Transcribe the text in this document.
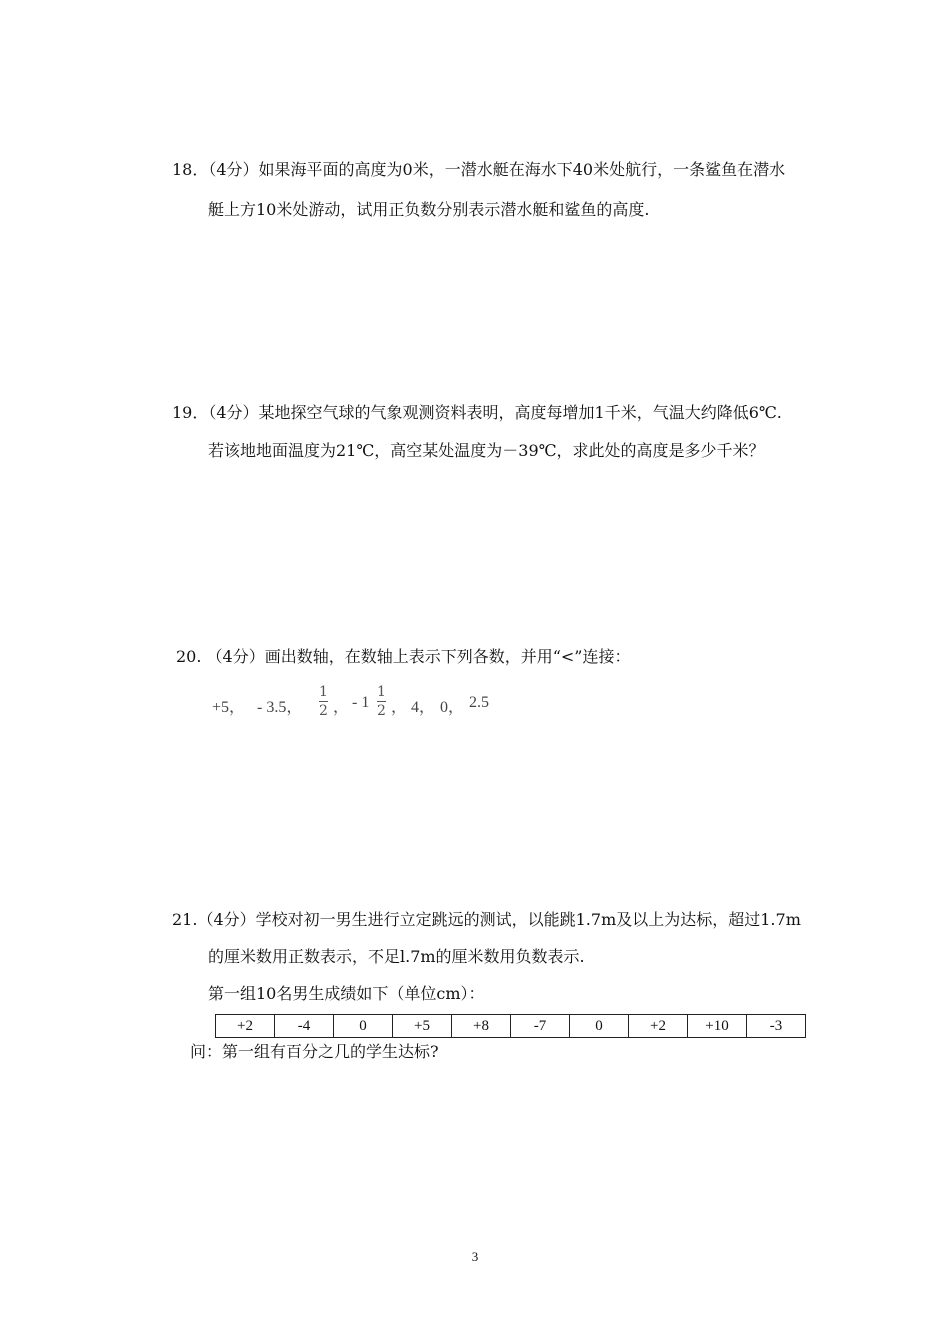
18．（4分）如果海平面的高度为0米，一潜水艇在海水下40米处航行，一条鲨鱼在潜水
艇上方10米处游动，试用正负数分别表示潜水艇和鲨鱼的高度.
19．（4分）某地探空气球的气象观测资料表明，高度每增加1千米，气温大约降低6℃.
若该地地面温度为21℃，高空某处温度为－39℃，求此处的高度是多少千米？
20. （4分）画出数轴，在数轴上表示下列各数，并用“<”连接：
+5， - 3.5，
1
2 ， - 1
1
2 ， 4， 0， 2.5
21.（4分）学校对初一男生进行立定跳远的测试，以能跳1.7m及以上为达标，超过1.7m
的厘米数用正数表示，不足l.7m的厘米数用负数表示.
第一组10名男生成绩如下（单位cm）：
+2	-4	0	+5	+8	-7	0	+2	+10	-3
问：第一组有百分之几的学生达标?
3
